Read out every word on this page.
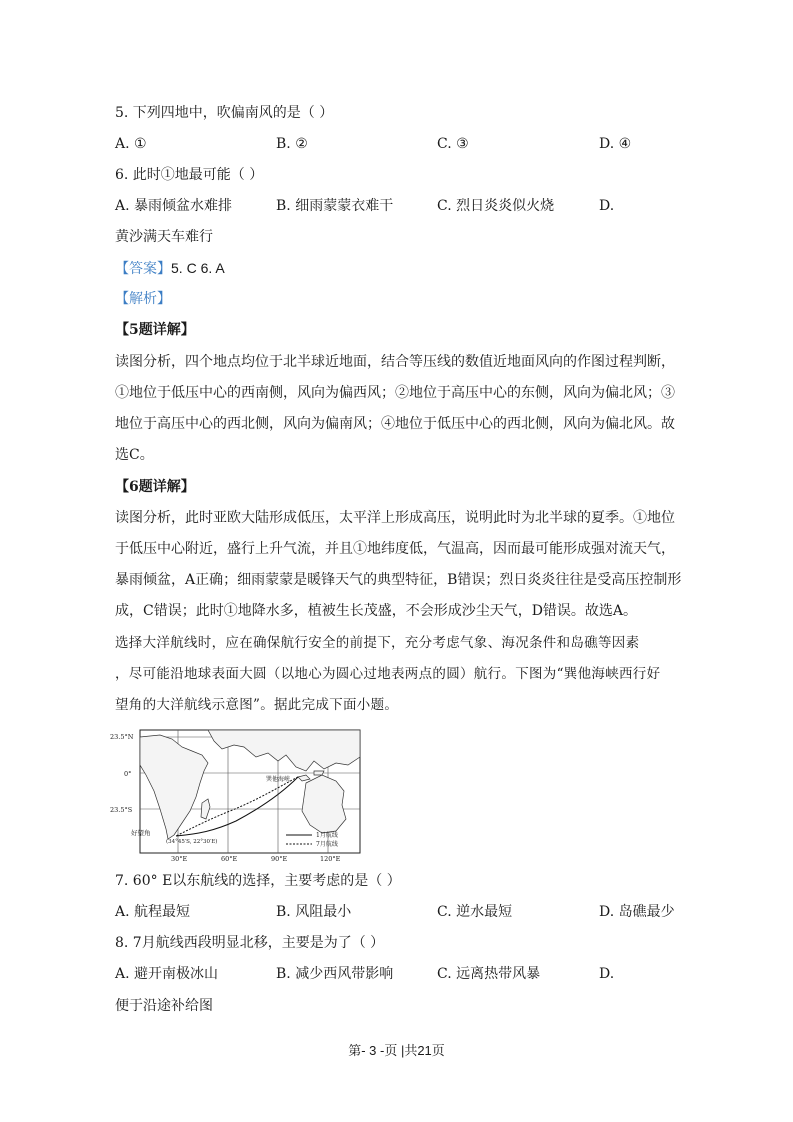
5. 下列四地中，吹偏南风的是（ ）
A. ①	B. ②	C. ③	D. ④
6. 此时①地最可能（ ）
A. 暴雨倾盆水难排	B. 细雨蒙蒙衣难干	C. 烈日炎炎似火烧	D.
黄沙满天车难行
【答案】5. C 6. A
【解析】
【5题详解】
读图分析，四个地点均位于北半球近地面，结合等压线的数值近地面风向的作图过程判断，
①地位于低压中心的西南侧，风向为偏西风；②地位于高压中心的东侧，风向为偏北风；③
地位于高压中心的西北侧，风向为偏南风；④地位于低压中心的西北侧，风向为偏北风。故
选C。
【6题详解】
读图分析，此时亚欧大陆形成低压，太平洋上形成高压，说明此时为北半球的夏季。①地位
于低压中心附近，盛行上升气流，并且①地纬度低，气温高，因而最可能形成强对流天气，
暴雨倾盆，A正确；细雨蒙蒙是暖锋天气的典型特征，B错误；烈日炎炎往往是受高压控制形
成，C错误；此时①地降水多，植被生长茂盛，不会形成沙尘天气，D错误。故选A。
选择大洋航线时，应在确保航行安全的前提下，充分考虑气象、海况条件和岛礁等因素
，尽可能沿地球表面大圆（以地心为圆心过地表两点的圆）航行。下图为“巽他海峡西行好
望角的大洋航线示意图”。据此完成下面小题。
23.5°N
0°
23.5°S
30°E	60°E	90°E	120°E
巽他海峡
好望角
(34°45′S, 22°30′E)
1月航线
7月航线
7. 60° E以东航线的选择，主要考虑的是（ ）
A. 航程最短	B. 风阻最小	C. 逆水最短	D. 岛礁最少
8. 7月航线西段明显北移，主要是为了（ ）
A. 避开南极冰山	B. 减少西风带影响	C. 远离热带风暴	D.
便于沿途补给图
第- 3 -页 |共21页
